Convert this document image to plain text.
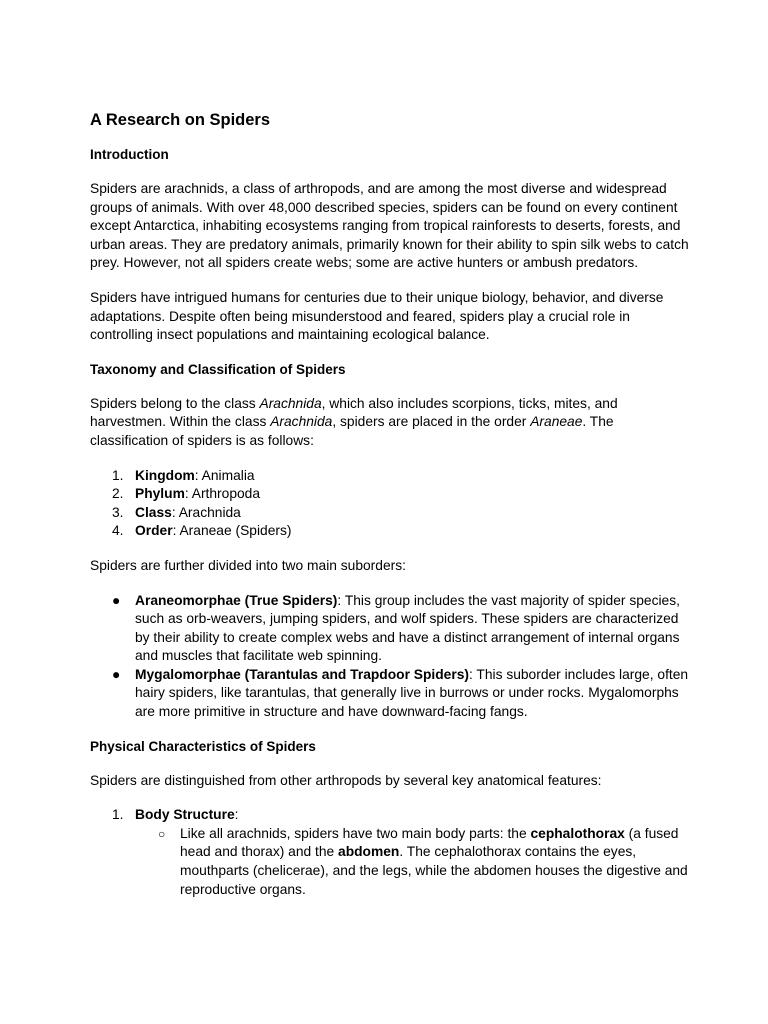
A Research on Spiders
Introduction

Spiders are arachnids, a class of arthropods, and are among the most diverse and widespread groups of animals. With over 48,000 described species, spiders can be found on every continent except Antarctica, inhabiting ecosystems ranging from tropical rainforests to deserts, forests, and urban areas. They are predatory animals, primarily known for their ability to spin silk webs to catch prey. However, not all spiders create webs; some are active hunters or ambush predators.

Spiders have intrigued humans for centuries due to their unique biology, behavior, and diverse adaptations. Despite often being misunderstood and feared, spiders play a crucial role in controlling insect populations and maintaining ecological balance.

Taxonomy and Classification of Spiders

Spiders belong to the class Arachnida, which also includes scorpions, ticks, mites, and harvestmen. Within the class Arachnida, spiders are placed in the order Araneae. The classification of spiders is as follows:

1. Kingdom: Animalia
2. Phylum: Arthropoda
3. Class: Arachnida
4. Order: Araneae (Spiders)

Spiders are further divided into two main suborders:

● Araneomorphae (True Spiders): This group includes the vast majority of spider species, such as orb-weavers, jumping spiders, and wolf spiders. These spiders are characterized by their ability to create complex webs and have a distinct arrangement of internal organs and muscles that facilitate web spinning.
● Mygalomorphae (Tarantulas and Trapdoor Spiders): This suborder includes large, often hairy spiders, like tarantulas, that generally live in burrows or under rocks. Mygalomorphs are more primitive in structure and have downward-facing fangs.
Physical Characteristics of Spiders

Spiders are distinguished from other arthropods by several key anatomical features:

1. Body Structure:
○ Like all arachnids, spiders have two main body parts: the cephalothorax (a fused head and thorax) and the abdomen. The cephalothorax contains the eyes, mouthparts (chelicerae), and the legs, while the abdomen houses the digestive and reproductive organs.
